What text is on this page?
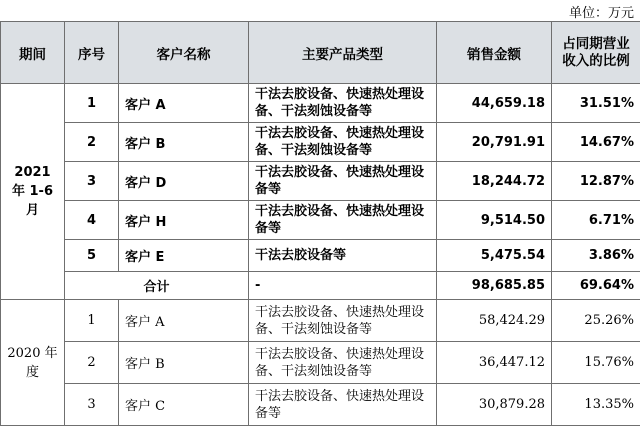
单位：万元
期间	序号	客户名称	主要产品类型	销售金额	占同期营业收入的比例
2021 年 1-6 月	1	客户 A	干法去胶设备、快速热处理设备、干法刻蚀设备等	44,659.18	31.51%
	2	客户 B	干法去胶设备、快速热处理设备、干法刻蚀设备等	20,791.91	14.67%
	3	客户 D	干法去胶设备、快速热处理设备等	18,244.72	12.87%
	4	客户 H	干法去胶设备、快速热处理设备等	9,514.50	6.71%
	5	客户 E	干法去胶设备等	5,475.54	3.86%
	合计		-	98,685.85	69.64%
2020 年度	1	客户 A	干法去胶设备、快速热处理设备、干法刻蚀设备等	58,424.29	25.26%
	2	客户 B	干法去胶设备、快速热处理设备、干法刻蚀设备等	36,447.12	15.76%
	3	客户 C	干法去胶设备、快速热处理设备等	30,879.28	13.35%
